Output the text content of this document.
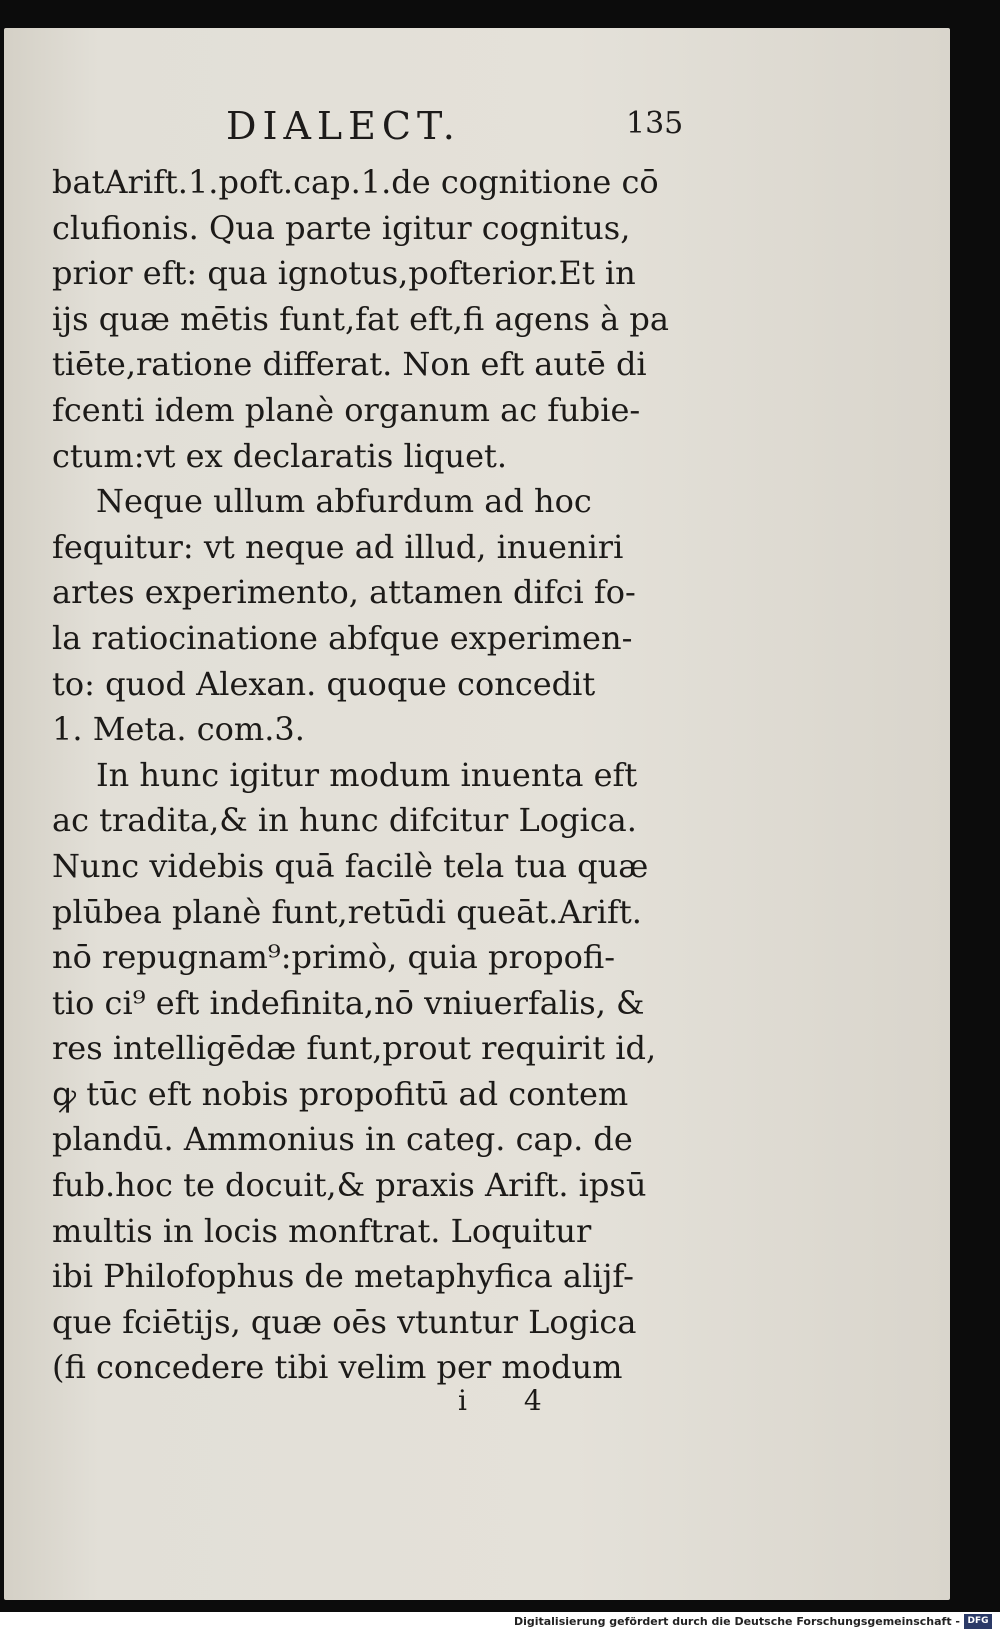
DIALECT.	135
batArift.1.poft.cap.1.de cognitione cō
clufionis. Qua parte igitur cognitus,
prior eft: qua ignotus,pofterior.Et in
ijs quæ mētis funt,fat eft,fi agens à pa
tiēte,ratione differat. Non eft autē di
fcenti idem planè organum ac fubie-
ctum:vt ex declaratis liquet.
Neque ullum abfurdum ad hoc
fequitur: vt neque ad illud, inueniri
artes experimento, attamen difci fo-
la ratiocinatione abfque experimen-
to: quod Alexan. quoque concedit
1. Meta. com.3.
In hunc igitur modum inuenta eft
ac tradita,& in hunc difcitur Logica.
Nunc videbis quā facilè tela tua quæ
plūbea planè funt,retūdi queāt.Arift.
nō repugnam⁹:primò, quia propofi-
tio ci⁹ eft indefinita,nō vniuerfalis, &
res intelligēdæ funt,prout requirit id,
ꝙ tūc eft nobis propofitū ad contem
plandū. Ammonius in categ. cap. de
fub.hoc te docuit,& praxis Arift. ipsū
multis in locis monftrat. Loquitur
ibi Philofophus de metaphyfica alijf-
que fciētijs, quæ oēs vtuntur Logica
(fi concedere tibi velim per modum
i 4
Digitalisierung gefördert durch die Deutsche Forschungsgemeinschaft - DFG
